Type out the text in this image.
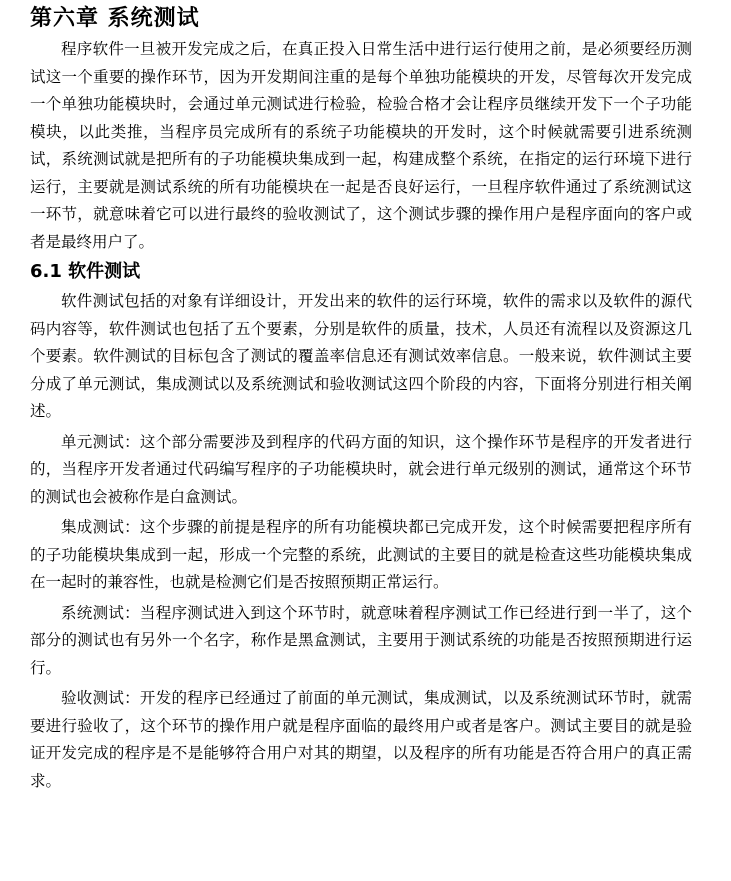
第六章 系统测试

程序软件一旦被开发完成之后，在真正投入日常生活中进行运行使用之前，是必须要经历测试这一个重要的操作环节，因为开发期间注重的是每个单独功能模块的开发，尽管每次开发完成一个单独功能模块时，会通过单元测试进行检验，检验合格才会让程序员继续开发下一个子功能模块，以此类推，当程序员完成所有的系统子功能模块的开发时，这个时候就需要引进系统测试，系统测试就是把所有的子功能模块集成到一起，构建成整个系统，在指定的运行环境下进行运行，主要就是测试系统的所有功能模块在一起是否良好运行，一旦程序软件通过了系统测试这一环节，就意味着它可以进行最终的验收测试了，这个测试步骤的操作用户是程序面向的客户或者是最终用户了。

6.1 软件测试

软件测试包括的对象有详细设计，开发出来的软件的运行环境，软件的需求以及软件的源代码内容等，软件测试也包括了五个要素，分别是软件的质量，技术，人员还有流程以及资源这几个要素。软件测试的目标包含了测试的覆盖率信息还有测试效率信息。一般来说，软件测试主要分成了单元测试，集成测试以及系统测试和验收测试这四个阶段的内容，下面将分别进行相关阐述。

单元测试：这个部分需要涉及到程序的代码方面的知识，这个操作环节是程序的开发者进行的，当程序开发者通过代码编写程序的子功能模块时，就会进行单元级别的测试，通常这个环节的测试也会被称作是白盒测试。

集成测试：这个步骤的前提是程序的所有功能模块都已完成开发，这个时候需要把程序所有的子功能模块集成到一起，形成一个完整的系统，此测试的主要目的就是检查这些功能模块集成在一起时的兼容性，也就是检测它们是否按照预期正常运行。

系统测试：当程序测试进入到这个环节时，就意味着程序测试工作已经进行到一半了，这个部分的测试也有另外一个名字，称作是黑盒测试，主要用于测试系统的功能是否按照预期进行运行。

验收测试：开发的程序已经通过了前面的单元测试，集成测试，以及系统测试环节时，就需要进行验收了，这个环节的操作用户就是程序面临的最终用户或者是客户。测试主要目的就是验证开发完成的程序是不是能够符合用户对其的期望，以及程序的所有功能是否符合用户的真正需求。
